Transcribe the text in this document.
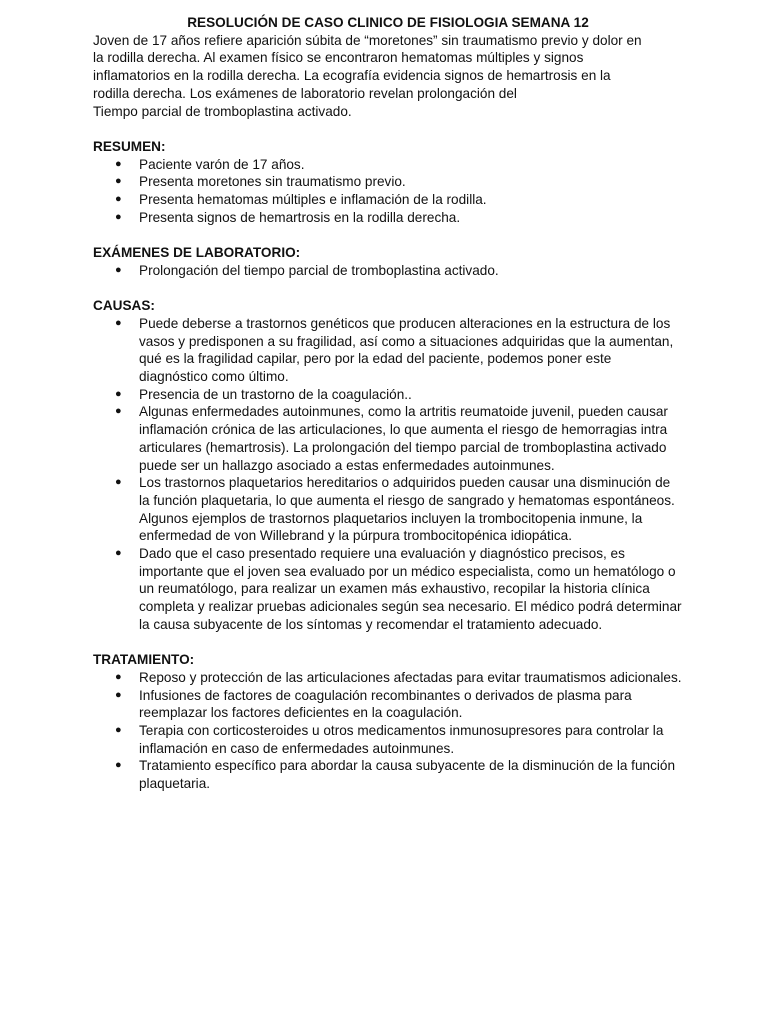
RESOLUCIÓN DE CASO CLINICO DE FISIOLOGIA SEMANA 12

Joven de 17 años refiere aparición súbita de “moretones” sin traumatismo previo y dolor en
la rodilla derecha. Al examen físico se encontraron hematomas múltiples y signos
inflamatorios en la rodilla derecha. La ecografía evidencia signos de hemartrosis en la
rodilla derecha. Los exámenes de laboratorio revelan prolongación del
Tiempo parcial de tromboplastina activado.

RESUMEN:

● Paciente varón de 17 años.
● Presenta moretones sin traumatismo previo.
● Presenta hematomas múltiples e inflamación de la rodilla.
● Presenta signos de hemartrosis en la rodilla derecha.

EXÁMENES DE LABORATORIO:

● Prolongación del tiempo parcial de tromboplastina activado.

CAUSAS:

● Puede deberse a trastornos genéticos que producen alteraciones en la estructura de los vasos y predisponen a su fragilidad, así como a situaciones adquiridas que la aumentan, qué es la fragilidad capilar, pero por la edad del paciente, podemos poner este diagnóstico como último.
● Presencia de un trastorno de la coagulación..
● Algunas enfermedades autoinmunes, como la artritis reumatoide juvenil, pueden causar inflamación crónica de las articulaciones, lo que aumenta el riesgo de hemorragias intra articulares (hemartrosis). La prolongación del tiempo parcial de tromboplastina activado puede ser un hallazgo asociado a estas enfermedades autoinmunes.
● Los trastornos plaquetarios hereditarios o adquiridos pueden causar una disminución de la función plaquetaria, lo que aumenta el riesgo de sangrado y hematomas espontáneos. Algunos ejemplos de trastornos plaquetarios incluyen la trombocitopenia inmune, la enfermedad de von Willebrand y la púrpura trombocitopénica idiopática.
● Dado que el caso presentado requiere una evaluación y diagnóstico precisos, es importante que el joven sea evaluado por un médico especialista, como un hematólogo o un reumatólogo, para realizar un examen más exhaustivo, recopilar la historia clínica completa y realizar pruebas adicionales según sea necesario. El médico podrá determinar la causa subyacente de los síntomas y recomendar el tratamiento adecuado.

TRATAMIENTO:

● Reposo y protección de las articulaciones afectadas para evitar traumatismos adicionales.
● Infusiones de factores de coagulación recombinantes o derivados de plasma para reemplazar los factores deficientes en la coagulación.
● Terapia con corticosteroides u otros medicamentos inmunosupresores para controlar la inflamación en caso de enfermedades autoinmunes.
● Tratamiento específico para abordar la causa subyacente de la disminución de la función plaquetaria.
